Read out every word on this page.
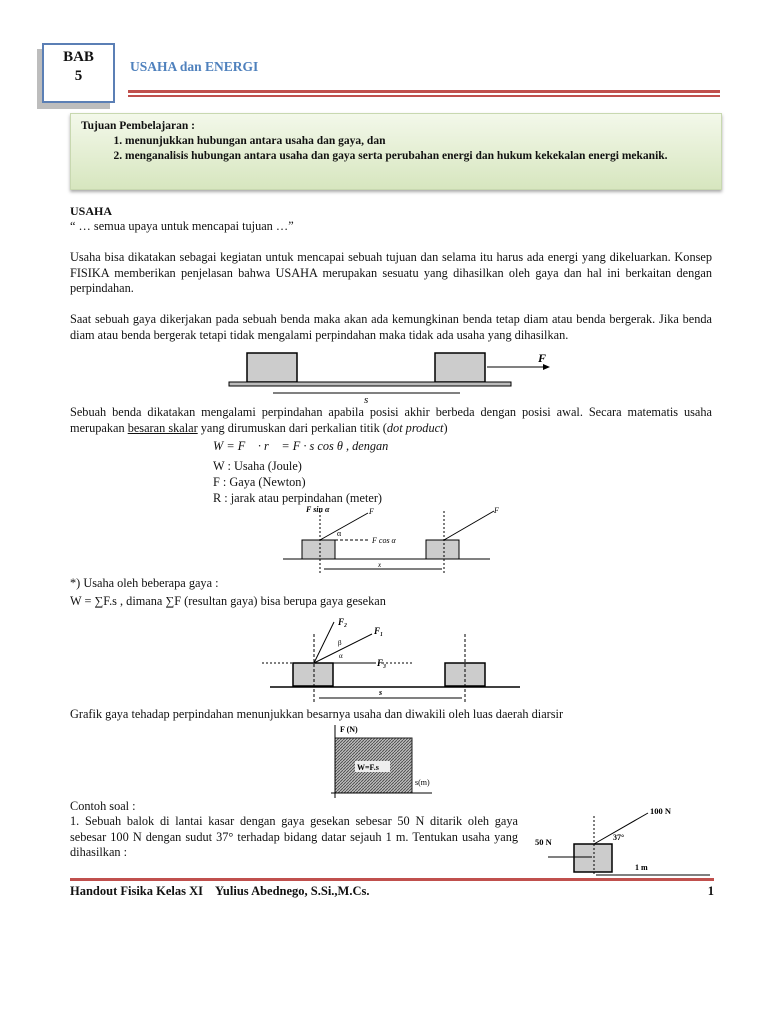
BAB
5
USAHA dan ENERGI
Tujuan Pembelajaran :
1. menunjukkan hubungan antara usaha dan gaya, dan
2. menganalisis hubungan antara usaha dan gaya serta perubahan energi dan hukum kekekalan energi mekanik.
USAHA
“ … semua upaya untuk mencapai tujuan …”
Usaha bisa dikatakan sebagai kegiatan untuk mencapai sebuah tujuan dan selama itu harus ada energi yang dikeluarkan. Konsep FISIKA memberikan penjelasan bahwa USAHA merupakan sesuatu yang dihasilkan oleh gaya dan hal ini berkaitan dengan perpindahan.
Saat sebuah gaya dikerjakan pada sebuah benda maka akan ada kemungkinan benda tetap diam atau benda bergerak. Jika benda diam atau benda bergerak tetapi tidak mengalami perpindahan maka tidak ada usaha yang dihasilkan.
F
s
Sebuah benda dikatakan mengalami perpindahan apabila posisi akhir berbeda dengan posisi awal. Secara matematis usaha merupakan besaran skalar yang dirumuskan dari perkalian titik (dot product)
W = F⃗ · r⃗ = F · s cos θ , dengan
W : Usaha (Joule)
F : Gaya (Newton)
R : jarak atau perpindahan (meter)
F sin α	F	F
α
F cos α
x
*) Usaha oleh beberapa gaya :
W = ∑F.s , dimana ∑F (resultan gaya) bisa berupa gaya gesekan
F₂
F₁
F₃
β
α
s
Grafik gaya tehadap perpindahan menunjukkan besarnya usaha dan diwakili oleh luas daerah diarsir
F (N)
s(m)
W=F.s
Contoh soal :
1. Sebuah balok di lantai kasar dengan gaya gesekan sebesar 50 N ditarik oleh gaya sebesar 100 N dengan sudut 37° terhadap bidang datar sejauh 1 m. Tentukan usaha yang dihasilkan :
100 N
50 N	37°
1 m
Handout Fisika Kelas XI    Yulius Abednego, S.Si.,M.Cs.	1
